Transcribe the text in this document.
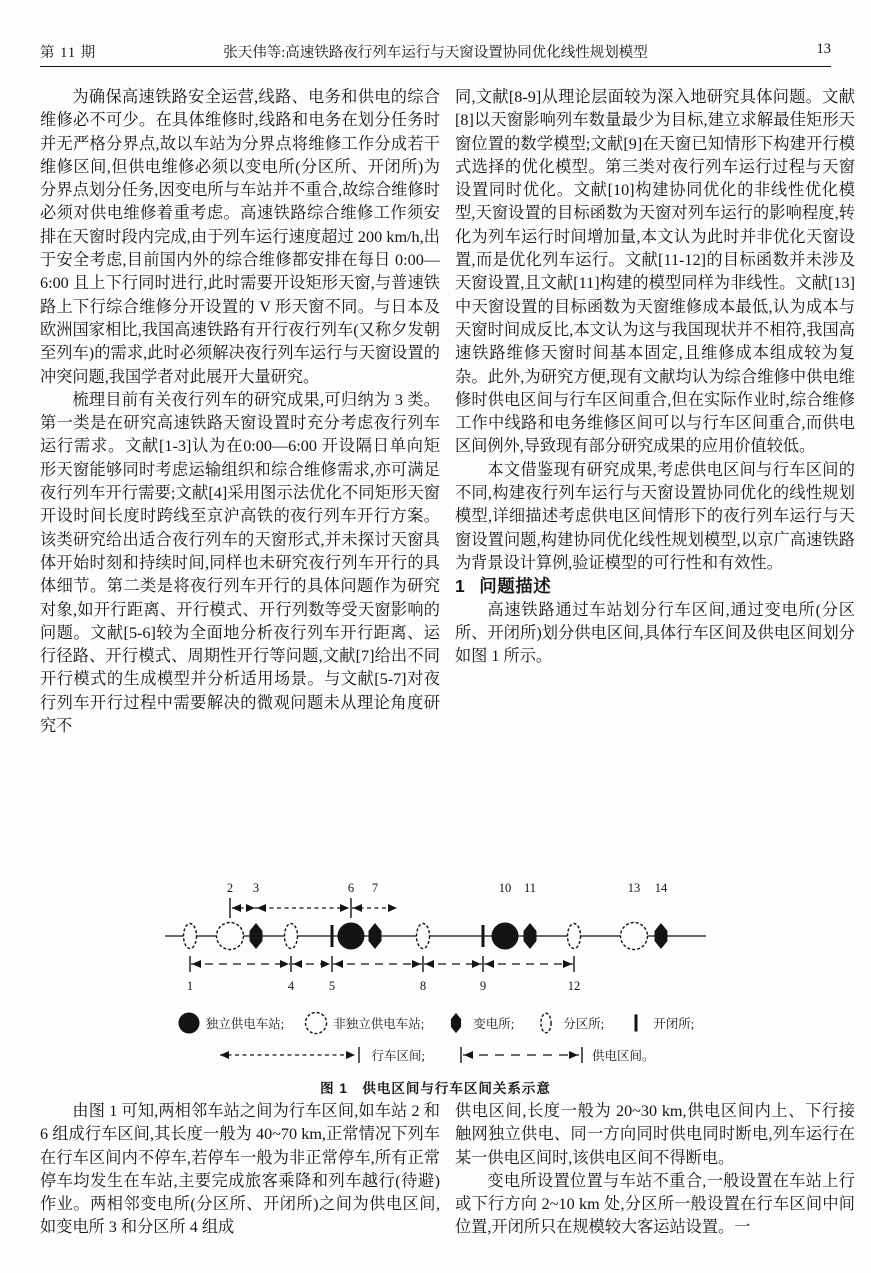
第 11 期	张天伟等:高速铁路夜行列车运行与天窗设置协同优化线性规划模型	13

为确保高速铁路安全运营,线路、电务和供电的综合维修必不可少。在具体维修时,线路和电务在划分任务时并无严格分界点,故以车站为分界点将维修工作分成若干维修区间,但供电维修必须以变电所(分区所、开闭所)为分界点划分任务,因变电所与车站并不重合,故综合维修时必须对供电维修着重考虑。高速铁路综合维修工作须安排在天窗时段内完成,由于列车运行速度超过 200 km/h,出于安全考虑,目前国内外的综合维修都安排在每日 0:00—6:00 且上下行同时进行,此时需要开设矩形天窗,与普速铁路上下行综合维修分开设置的 V 形天窗不同。与日本及欧洲国家相比,我国高速铁路有开行夜行列车(又称夕发朝至列车)的需求,此时必须解决夜行列车运行与天窗设置的冲突问题,我国学者对此展开大量研究。

梳理目前有关夜行列车的研究成果,可归纳为 3 类。第一类是在研究高速铁路天窗设置时充分考虑夜行列车运行需求。文献[1-3]认为在0:00—6:00 开设隔日单向矩形天窗能够同时考虑运输组织和综合维修需求,亦可满足夜行列车开行需要;文献[4]采用图示法优化不同矩形天窗开设时间长度时跨线至京沪高铁的夜行列车开行方案。该类研究给出适合夜行列车的天窗形式,并未探讨天窗具体开始时刻和持续时间,同样也未研究夜行列车开行的具体细节。第二类是将夜行列车开行的具体问题作为研究对象,如开行距离、开行模式、开行列数等受天窗影响的问题。文献[5-6]较为全面地分析夜行列车开行距离、运行径路、开行模式、周期性开行等问题,文献[7]给出不同开行模式的生成模型并分析适用场景。与文献[5-7]对夜行列车开行过程中需要解决的微观问题未从理论角度研究不

同,文献[8-9]从理论层面较为深入地研究具体问题。文献[8]以天窗影响列车数量最少为目标,建立求解最佳矩形天窗位置的数学模型;文献[9]在天窗已知情形下构建开行模式选择的优化模型。第三类对夜行列车运行过程与天窗设置同时优化。文献[10]构建协同优化的非线性优化模型,天窗设置的目标函数为天窗对列车运行的影响程度,转化为列车运行时间增加量,本文认为此时并非优化天窗设置,而是优化列车运行。文献[11-12]的目标函数并未涉及天窗设置,且文献[11]构建的模型同样为非线性。文献[13]中天窗设置的目标函数为天窗维修成本最低,认为成本与天窗时间成反比,本文认为这与我国现状并不相符,我国高速铁路维修天窗时间基本固定,且维修成本组成较为复杂。此外,为研究方便,现有文献均认为综合维修中供电维修时供电区间与行车区间重合,但在实际作业时,综合维修工作中线路和电务维修区间可以与行车区间重合,而供电区间例外,导致现有部分研究成果的应用价值较低。

本文借鉴现有研究成果,考虑供电区间与行车区间的不同,构建夜行列车运行与天窗设置协同优化的线性规划模型,详细描述考虑供电区间情形下的夜行列车运行与天窗设置问题,构建协同优化线性规划模型,以京广高速铁路为背景设计算例,验证模型的可行性和有效性。

1 问题描述

高速铁路通过车站划分行车区间,通过变电所(分区所、开闭所)划分供电区间,具体行车区间及供电区间划分如图 1 所示。

2 3	6 7	10 11	13 14
1	4	5	8	9	12
独立供电车站;	非独立供电车站;	变电所;	分区所;	开闭所;
行车区间;	供电区间。
图 1　供电区间与行车区间关系示意

由图 1 可知,两相邻车站之间为行车区间,如车站 2 和 6 组成行车区间,其长度一般为 40~70 km,正常情况下列车在行车区间内不停车,若停车一般为非正常停车,所有正常停车均发生在车站,主要完成旅客乘降和列车越行(待避)作业。两相邻变电所(分区所、开闭所)之间为供电区间,如变电所 3 和分区所 4 组成

供电区间,长度一般为 20~30 km,供电区间内上、下行接触网独立供电、同一方向同时供电同时断电,列车运行在某一供电区间时,该供电区间不得断电。

变电所设置位置与车站不重合,一般设置在车站上行或下行方向 2~10 km 处,分区所一般设置在行车区间中间位置,开闭所只在规模较大客运站设置。一
